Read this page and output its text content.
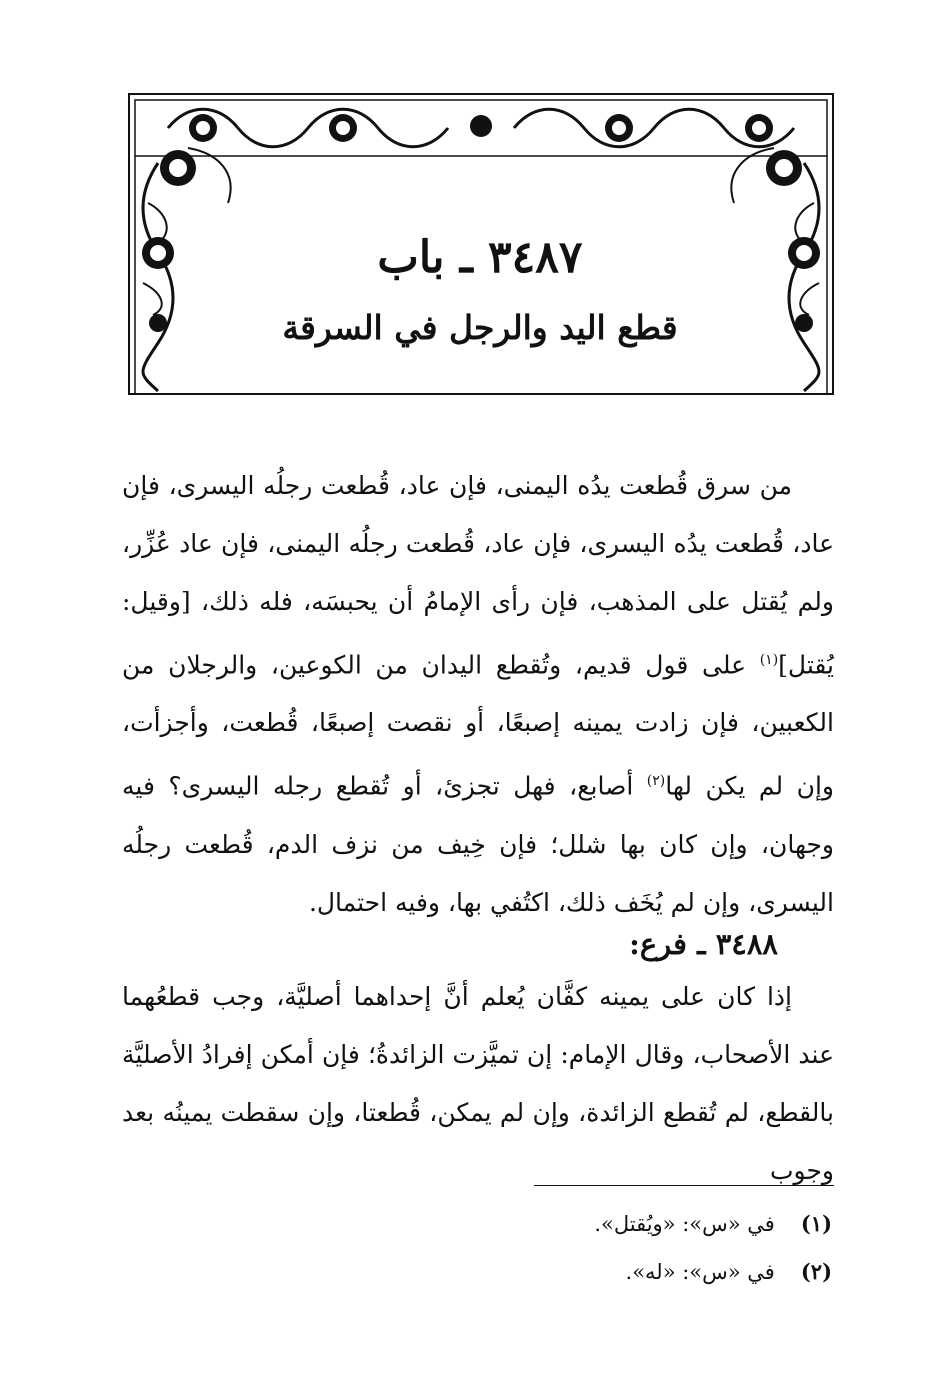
٣٤٨٧ ـ باب
قطع اليد والرجل في السرقة

من سرق قُطعت يدُه اليمنى، فإن عاد، قُطعت رجلُه اليسرى، فإن عاد، قُطعت يدُه اليسرى، فإن عاد، قُطعت رجلُه اليمنى، فإن عاد عُزِّر، ولم يُقتل على المذهب، فإن رأى الإمامُ أن يحبسَه، فله ذلك، [وقيل: يُقتل]$^{(١)}$ على قول قديم، وتُقطع اليدان من الكوعين، والرجلان من الكعبين، فإن زادت يمينه إصبعًا، أو نقصت إصبعًا، قُطعت، وأجزأت، وإن لم يكن لها$^{(٢)}$ أصابع، فهل تجزئ، أو تُقطع رجله اليسرى؟ فيه وجهان، وإن كان بها شلل؛ فإن خِيف من نزف الدم، قُطعت رجلُه اليسرى، وإن لم يُخَف ذلك، اكتُفي بها، وفيه احتمال.

٣٤٨٨ ـ فرع:

إذا كان على يمينه كفَّان يُعلم أنَّ إحداهما أصليَّة، وجب قطعُهما عند الأصحاب، وقال الإمام: إن تميَّزت الزائدةُ؛ فإن أمكن إفرادُ الأصليَّة بالقطع، لم تُقطع الزائدة، وإن لم يمكن، قُطعتا، وإن سقطت يمينُه بعد وجوب

(١)
في «س»: «ويُقتل».
(٢)
في «س»: «له».
